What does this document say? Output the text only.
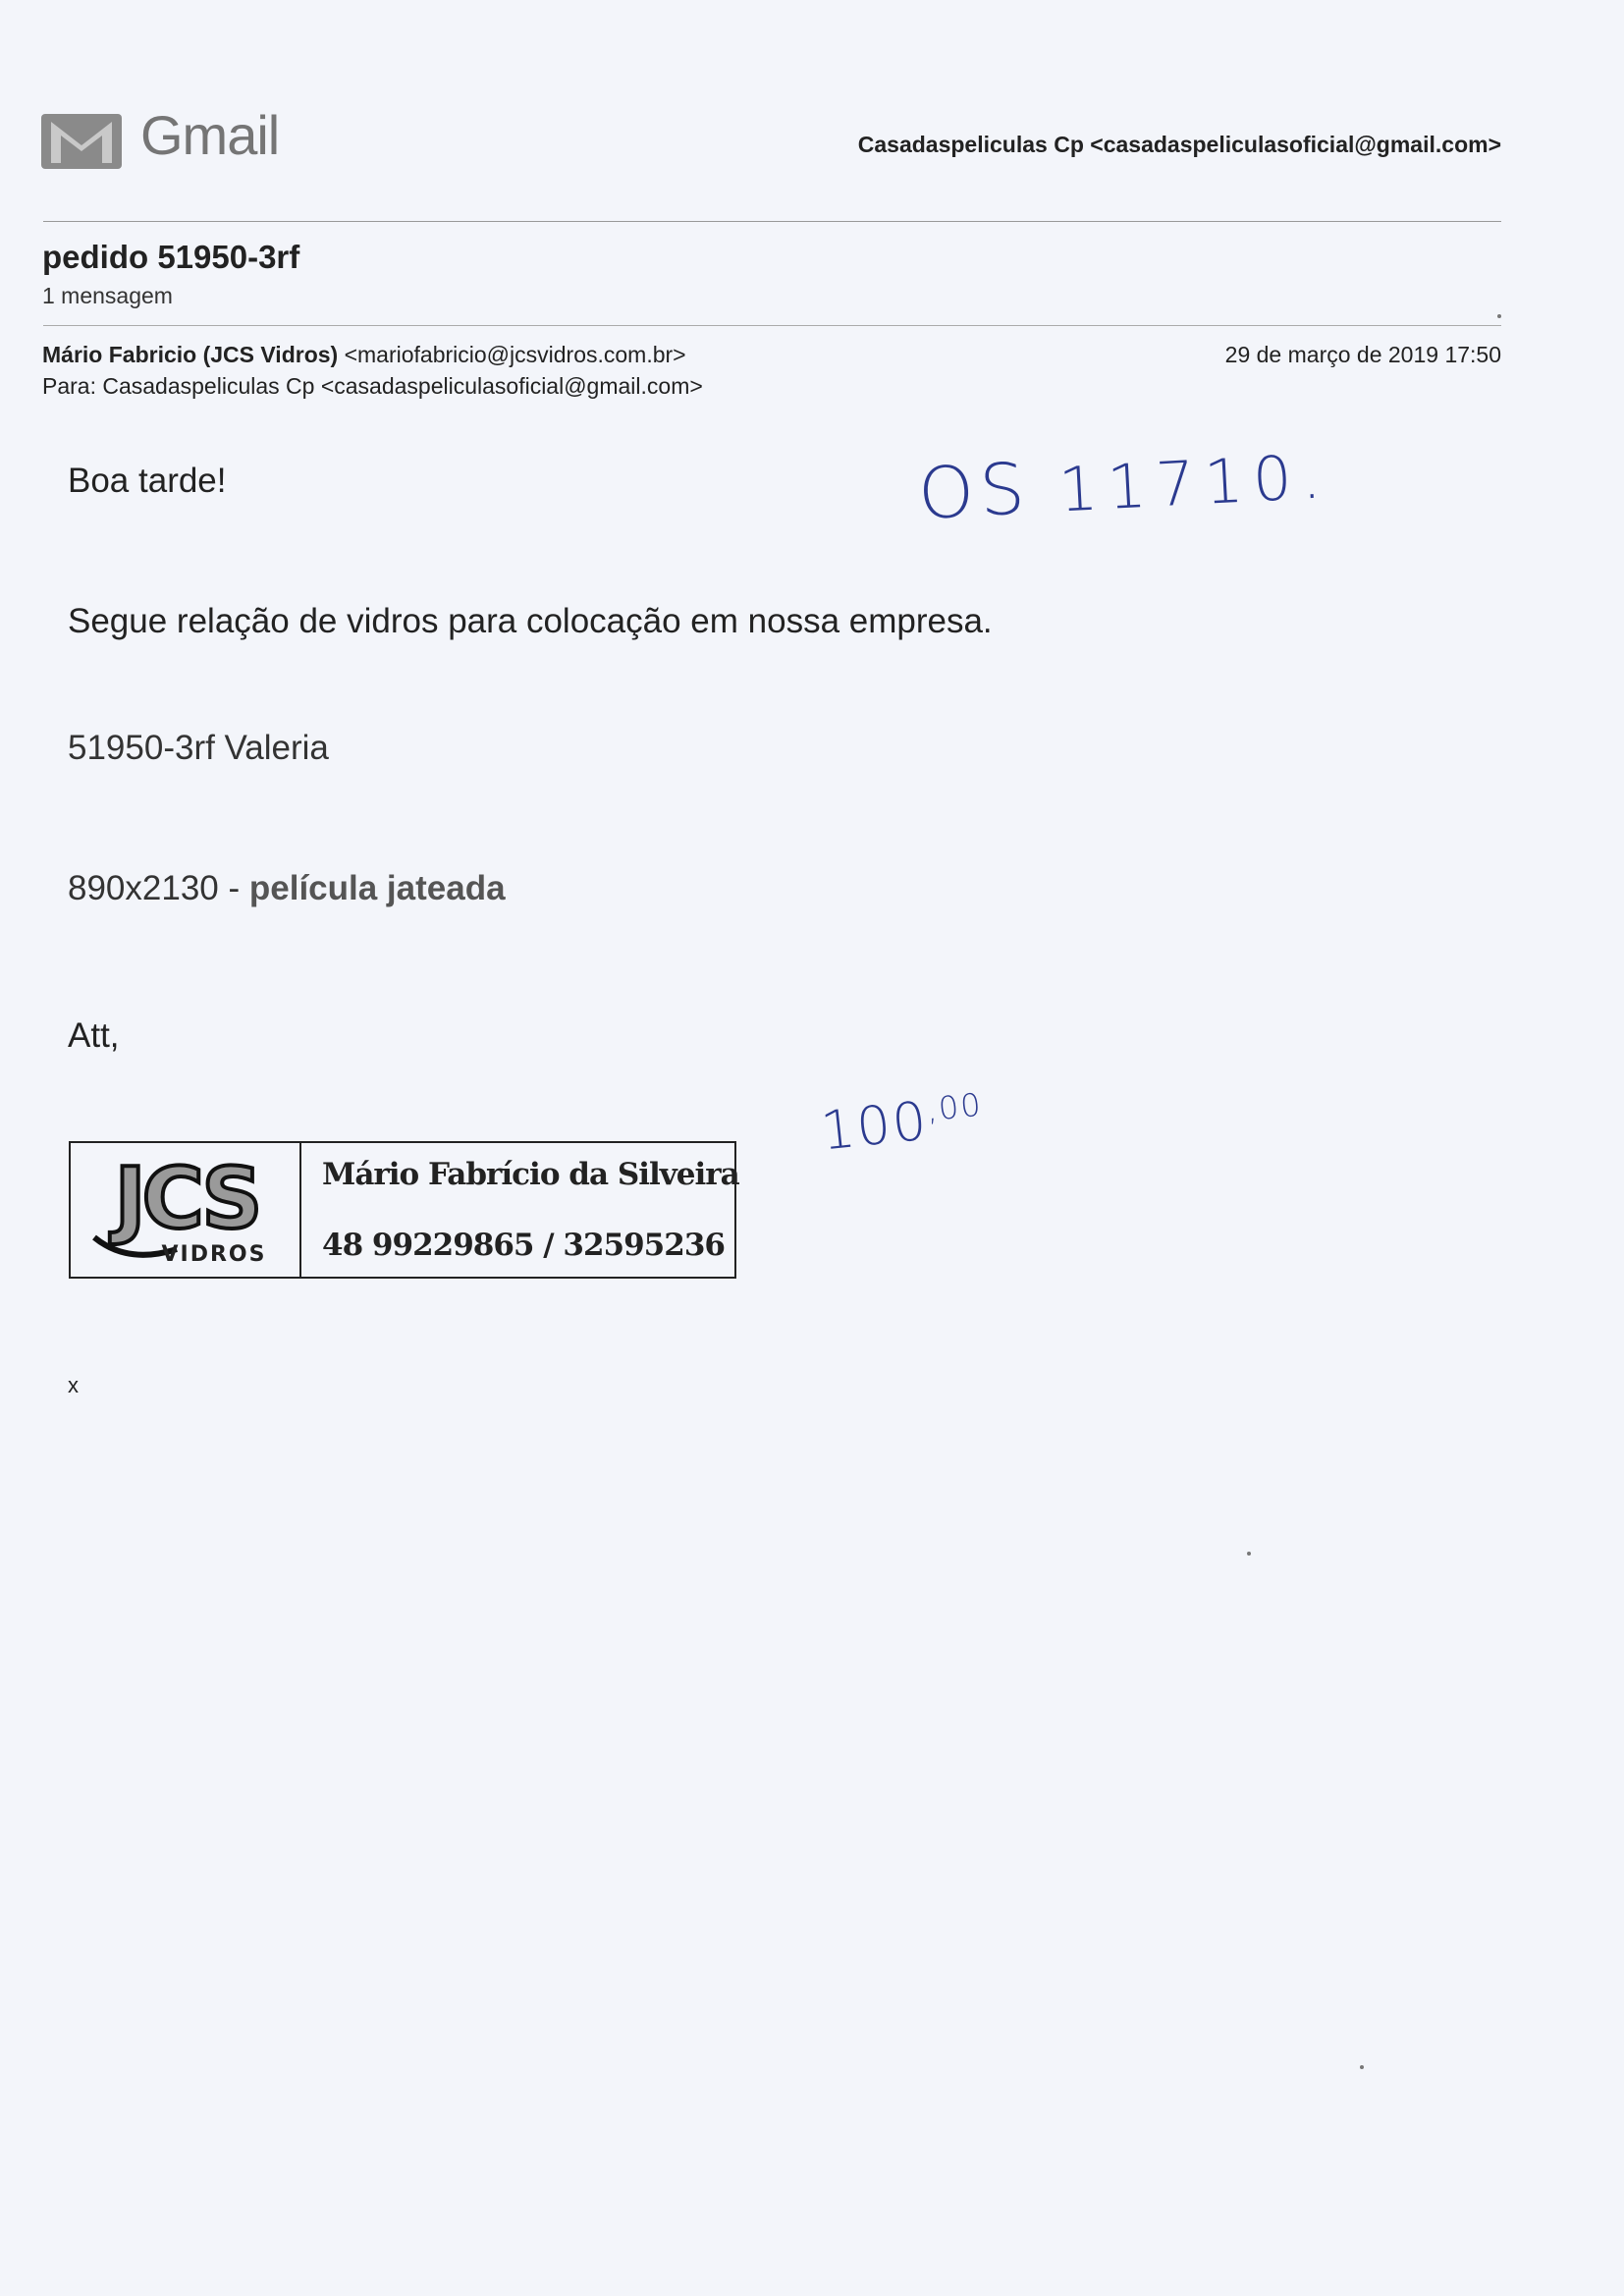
Gmail	Casadaspeliculas Cp <casadaspeliculasoficial@gmail.com>
pedido 51950-3rf
1 mensagem
Mário Fabricio (JCS Vidros) <mariofabricio@jcsvidros.com.br>	29 de março de 2019 17:50
Para: Casadaspeliculas Cp <casadaspeliculasoficial@gmail.com>
Boa tarde!
Segue relação de vidros para colocação em nossa empresa.
51950-3rf Valeria
890x2130 - película jateada
Att,
JCS
VIDROS
Mário Fabrício da Silveira
48 99229865 / 32595236
x
OS 11710.
$100^{,00}$
